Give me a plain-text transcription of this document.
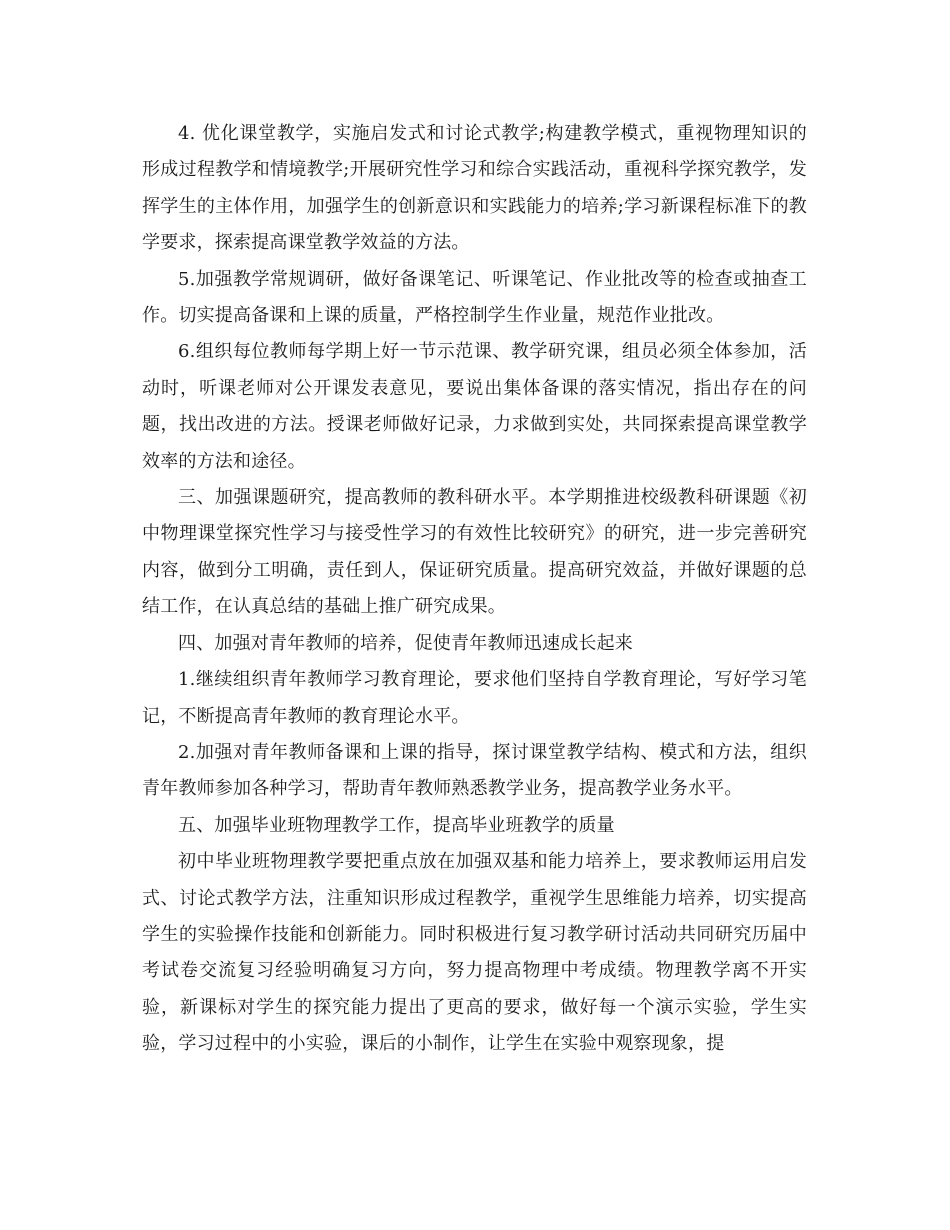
4. 优化课堂教学，实施启发式和讨论式教学;构建教学模式，重视物理知识的形成过程教学和情境教学;开展研究性学习和综合实践活动，重视科学探究教学，发挥学生的主体作用，加强学生的创新意识和实践能力的培养;学习新课程标准下的教学要求，探索提高课堂教学效益的方法。

5.加强教学常规调研，做好备课笔记、听课笔记、作业批改等的检查或抽查工作。切实提高备课和上课的质量，严格控制学生作业量，规范作业批改。

6.组织每位教师每学期上好一节示范课、教学研究课，组员必须全体参加，活动时，听课老师对公开课发表意见，要说出集体备课的落实情况，指出存在的问题，找出改进的方法。授课老师做好记录，力求做到实处，共同探索提高课堂教学效率的方法和途径。

三、加强课题研究，提高教师的教科研水平。本学期推进校级教科研课题《初中物理课堂探究性学习与接受性学习的有效性比较研究》的研究，进一步完善研究内容，做到分工明确，责任到人，保证研究质量。提高研究效益，并做好课题的总结工作，在认真总结的基础上推广研究成果。

四、加强对青年教师的培养，促使青年教师迅速成长起来

1.继续组织青年教师学习教育理论，要求他们坚持自学教育理论，写好学习笔记，不断提高青年教师的教育理论水平。

2.加强对青年教师备课和上课的指导，探讨课堂教学结构、模式和方法，组织青年教师参加各种学习，帮助青年教师熟悉教学业务，提高教学业务水平。

五、加强毕业班物理教学工作，提高毕业班教学的质量

初中毕业班物理教学要把重点放在加强双基和能力培养上，要求教师运用启发式、讨论式教学方法，注重知识形成过程教学，重视学生思维能力培养，切实提高学生的实验操作技能和创新能力。同时积极进行复习教学研讨活动共同研究历届中考试卷交流复习经验明确复习方向，努力提高物理中考成绩。物理教学离不开实验，新课标对学生的探究能力提出了更高的要求，做好每一个演示实验，学生实验，学习过程中的小实验，课后的小制作，让学生在实验中观察现象，提
